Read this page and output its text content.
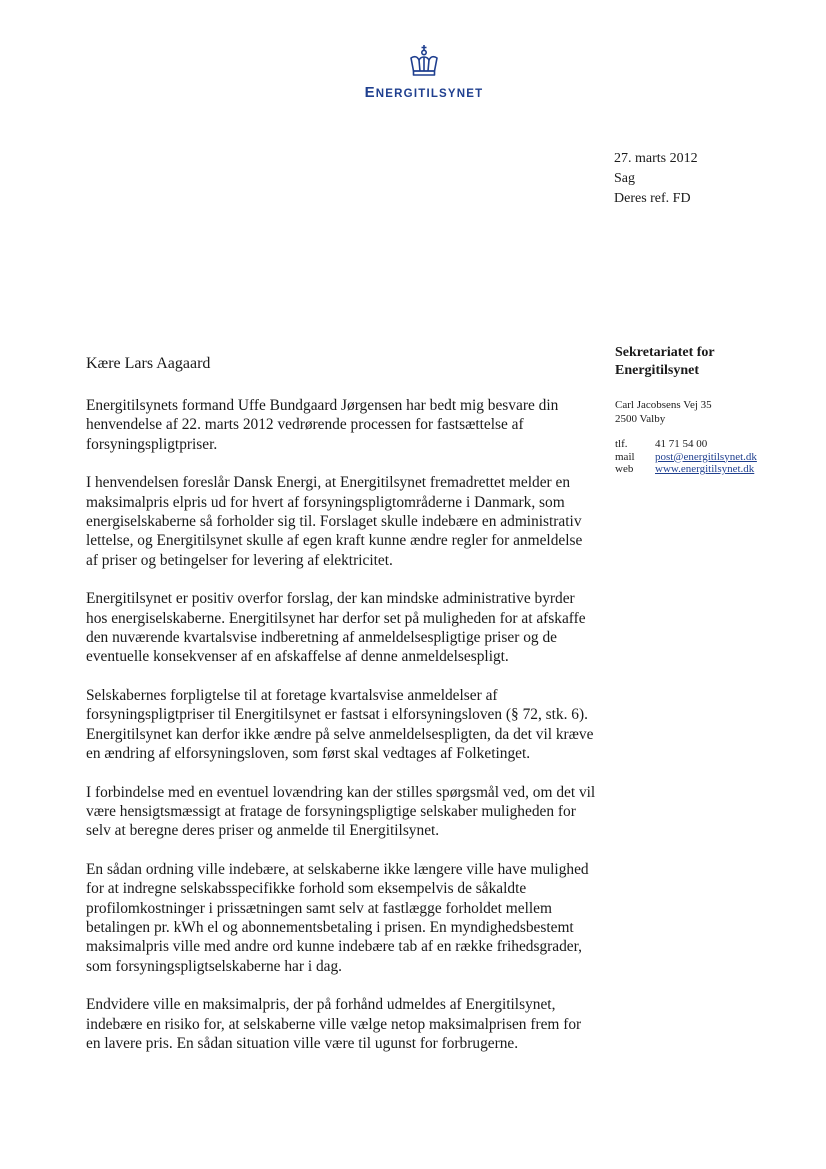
ENERGITILSYNET
27. marts 2012
Sag
Deres ref. FD
Sekretariatet for
Energitilsynet
Carl Jacobsens Vej 35
2500 Valby
tlf.	41 71 54 00
mail	post@energitilsynet.dk
web	www.energitilsynet.dk
Kære Lars Aagaard

Energitilsynets formand Uffe Bundgaard Jørgensen har bedt mig besvare din henvendelse af 22. marts 2012 vedrørende processen for fastsættelse af forsyningspligtpriser.

I henvendelsen foreslår Dansk Energi, at Energitilsynet fremadrettet melder en maksimalpris elpris ud for hvert af forsyningspligtområderne i Danmark, som energiselskaberne så forholder sig til. Forslaget skulle indebære en administrativ lettelse, og Energitilsynet skulle af egen kraft kunne ændre regler for anmeldelse af priser og betingelser for levering af elektricitet.

Energitilsynet er positiv overfor forslag, der kan mindske administrative byrder hos energiselskaberne. Energitilsynet har derfor set på muligheden for at afskaffe den nuværende kvartalsvise indberetning af anmeldelsespligtige priser og de eventuelle konsekvenser af en afskaffelse af denne anmeldelsespligt.

Selskabernes forpligtelse til at foretage kvartalsvise anmeldelser af forsyningspligtpriser til Energitilsynet er fastsat i elforsyningsloven (§ 72, stk. 6). Energitilsynet kan derfor ikke ændre på selve anmeldelsespligten, da det vil kræve en ændring af elforsyningsloven, som først skal vedtages af Folketinget.

I forbindelse med en eventuel lovændring kan der stilles spørgsmål ved, om det vil være hensigtsmæssigt at fratage de forsyningspligtige selskaber muligheden for selv at beregne deres priser og anmelde til Energitilsynet.

En sådan ordning ville indebære, at selskaberne ikke længere ville have mulighed for at indregne selskabsspecifikke forhold som eksempelvis de såkaldte profilomkostninger i prissætningen samt selv at fastlægge forholdet mellem betalingen pr. kWh el og abonnementsbetaling i prisen. En myndighedsbestemt maksimalpris ville med andre ord kunne indebære tab af en række frihedsgrader, som forsyningspligtselskaberne har i dag.

Endvidere ville en maksimalpris, der på forhånd udmeldes af Energitilsynet, indebære en risiko for, at selskaberne ville vælge netop maksimalprisen frem for en lavere pris. En sådan situation ville være til ugunst for forbrugerne.
